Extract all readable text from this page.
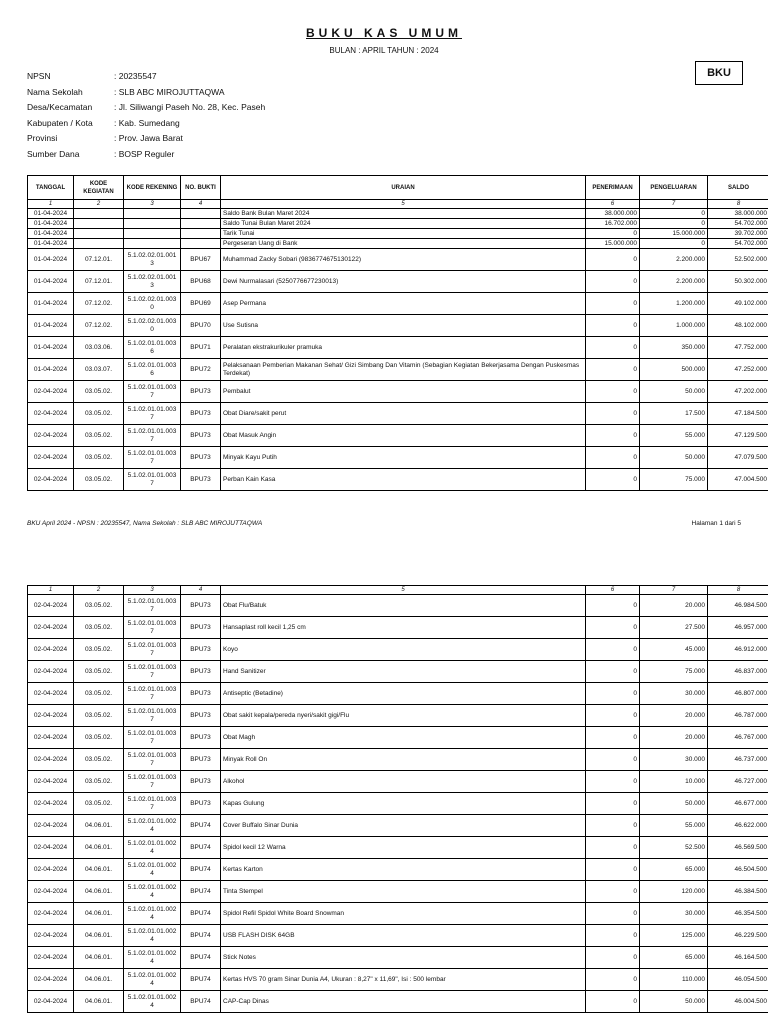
BUKU KAS UMUM
BULAN : APRIL TAHUN : 2024
BKU
NPSN	: 20235547
Nama Sekolah	: SLB ABC MIROJUTTAQWA
Desa/Kecamatan	: Jl. Siliwangi Paseh No. 28, Kec. Paseh
Kabupaten / Kota	: Kab. Sumedang
Provinsi	: Prov. Jawa Barat
Sumber Dana	: BOSP Reguler
TANGGAL	KODE KEGIATAN	KODE REKENING	NO. BUKTI	URAIAN	PENERIMAAN	PENGELUARAN	SALDO
1	2	3	4	5	6	7	8
01-04-2024				Saldo Bank Bulan Maret 2024	38.000.000	0	38.000.000
01-04-2024				Saldo Tunai Bulan Maret 2024	16.702.000	0	54.702.000
01-04-2024				Tarik Tunai	0	15.000.000	39.702.000
01-04-2024				Pergeseran Uang di Bank	15.000.000	0	54.702.000
01-04-2024	07.12.01.	5.1.02.02.01.0013	BPU67	Muhammad Zacky Sobari (9836774675130122)	0	2.200.000	52.502.000
01-04-2024	07.12.01.	5.1.02.02.01.0013	BPU68	Dewi Nurmalasari (5250776677230013)	0	2.200.000	50.302.000
01-04-2024	07.12.02.	5.1.02.02.01.0030	BPU69	Asep Permana	0	1.200.000	49.102.000
01-04-2024	07.12.02.	5.1.02.02.01.0030	BPU70	Use Sutisna	0	1.000.000	48.102.000
01-04-2024	03.03.06.	5.1.02.01.01.0036	BPU71	Peralatan ekstrakurikuler pramuka	0	350.000	47.752.000
01-04-2024	03.03.07.	5.1.02.01.01.0036	BPU72	Pelaksanaan Pemberian Makanan Sehat/ Gizi Simbang Dan Vitamin (Sebagian Kegiatan Bekerjasama Dengan Puskesmas Terdekat)	0	500.000	47.252.000
02-04-2024	03.05.02.	5.1.02.01.01.0037	BPU73	Pembalut	0	50.000	47.202.000
02-04-2024	03.05.02.	5.1.02.01.01.0037	BPU73	Obat Diare/sakit perut	0	17.500	47.184.500
02-04-2024	03.05.02.	5.1.02.01.01.0037	BPU73	Obat Masuk Angin	0	55.000	47.129.500
02-04-2024	03.05.02.	5.1.02.01.01.0037	BPU73	Minyak Kayu Putih	0	50.000	47.079.500
02-04-2024	03.05.02.	5.1.02.01.01.0037	BPU73	Perban Kain Kasa	0	75.000	47.004.500
BKU April 2024 - NPSN : 20235547, Nama Sekolah : SLB ABC MIROJUTTAQWA	Halaman 1 dari 5
1	2	3	4	5	6	7	8
02-04-2024	03.05.02.	5.1.02.01.01.0037	BPU73	Obat Flu/Batuk	0	20.000	46.984.500
02-04-2024	03.05.02.	5.1.02.01.01.0037	BPU73	Hansaplast roll kecil 1,25 cm	0	27.500	46.957.000
02-04-2024	03.05.02.	5.1.02.01.01.0037	BPU73	Koyo	0	45.000	46.912.000
02-04-2024	03.05.02.	5.1.02.01.01.0037	BPU73	Hand Sanitizer	0	75.000	46.837.000
02-04-2024	03.05.02.	5.1.02.01.01.0037	BPU73	Antiseptic (Betadine)	0	30.000	46.807.000
02-04-2024	03.05.02.	5.1.02.01.01.0037	BPU73	Obat sakit kepala/pereda nyeri/sakit gigi/Flu	0	20.000	46.787.000
02-04-2024	03.05.02.	5.1.02.01.01.0037	BPU73	Obat Magh	0	20.000	46.767.000
02-04-2024	03.05.02.	5.1.02.01.01.0037	BPU73	Minyak Roll On	0	30.000	46.737.000
02-04-2024	03.05.02.	5.1.02.01.01.0037	BPU73	Alkohol	0	10.000	46.727.000
02-04-2024	03.05.02.	5.1.02.01.01.0037	BPU73	Kapas Gulung	0	50.000	46.677.000
02-04-2024	04.06.01.	5.1.02.01.01.0024	BPU74	Cover Buffalo Sinar Dunia	0	55.000	46.622.000
02-04-2024	04.06.01.	5.1.02.01.01.0024	BPU74	Spidol kecil 12 Warna	0	52.500	46.569.500
02-04-2024	04.06.01.	5.1.02.01.01.0024	BPU74	Kertas Karton	0	65.000	46.504.500
02-04-2024	04.06.01.	5.1.02.01.01.0024	BPU74	Tinta Stempel	0	120.000	46.384.500
02-04-2024	04.06.01.	5.1.02.01.01.0024	BPU74	Spidol Refil Spidol White Board Snowman	0	30.000	46.354.500
02-04-2024	04.06.01.	5.1.02.01.01.0024	BPU74	USB FLASH DISK 64GB	0	125.000	46.229.500
02-04-2024	04.06.01.	5.1.02.01.01.0024	BPU74	Stick Notes	0	65.000	46.164.500
02-04-2024	04.06.01.	5.1.02.01.01.0024	BPU74	Kertas HVS 70 gram Sinar Dunia A4, Ukuran : 8,27" x 11,69", Isi : 500 lembar	0	110.000	46.054.500
02-04-2024	04.06.01.	5.1.02.01.01.0024	BPU74	CAP-Cap Dinas	0	50.000	46.004.500
